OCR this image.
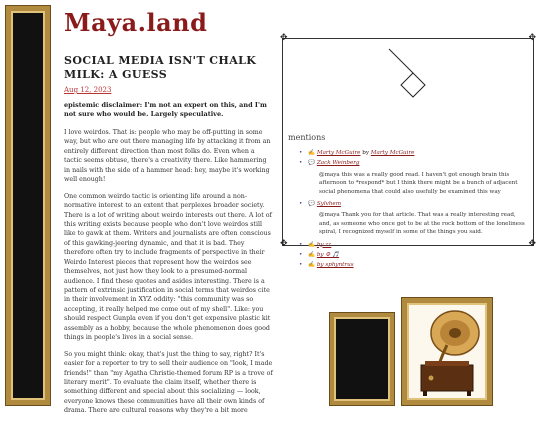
Maya.land
SOCIAL MEDIA ISN'T CHALK MILK: A GUESS
Aug 12, 2023
epistemic disclaimer: I'm not an expert on this, and I'm not sure who would be. Largely speculative.

I love weirdos. That is: people who may be off-putting in some way, but who are out there managing life by attacking it from an entirely different direction than most folks do. Even when a tactic seems obtuse, there's a creativity there. Like hammering in nails with the side of a hammer head: hey, maybe it's working well enough!

One common weirdo tactic is orienting life around a non-normative interest to an extent that perplexes broader society. There is a lot of writing about weirdo interests out there. A lot of this writing exists because people who don't love weirdos still like to gawk at them. Writers and journalists are often conscious of this gawking-jeering dynamic, and that it is bad. They therefore often try to include fragments of perspective in their Weirdo Interest pieces that represent how the weirdos see themselves, not just how they look to a presumed-normal audience. I find these quotes and asides interesting. There is a pattern of extrinsic justification in social terms that weirdos cite in their involvement in XYZ oddity: "this community was so accepting, it really helped me come out of my shell". Like: you should respect Gunpla even if you don't get expensive plastic kit assembly as a hobby, because the whole phenomenon does good things in people's lives in a social sense.

So you might think: okay, that's just the thing to say, right? It's easier for a reporter to try to sell their audience on "look, I made friends!" than "my Agatha Christie-themed forum RP is a trove of literary merit". To evaluate the claim itself, whether there is something different and special about this socializing — look, everyone knows these communities have all their own kinds of drama. There are cultural reasons why they're a bit more

✥	✥
✥	✥
mentions
• ✍ Marty McGuire by Marty McGuire
• 💬 Zack Weinberg
@maya this was a really good read. I haven't got enough brain this afternoon to *respond* but I think there might be a bunch of adjacent social phenomena that could also usefully be examined this way
• 💬 Sylvhem
@maya Thank you for that article. That was a really interesting read, and, as someone who once got to be at the rock bottom of the loneliness spiral, I recognized myself in some of the things you said.
• ✍ by zz
• ✍ by ⚙ 🎵
• ✍ by sphyntrus
